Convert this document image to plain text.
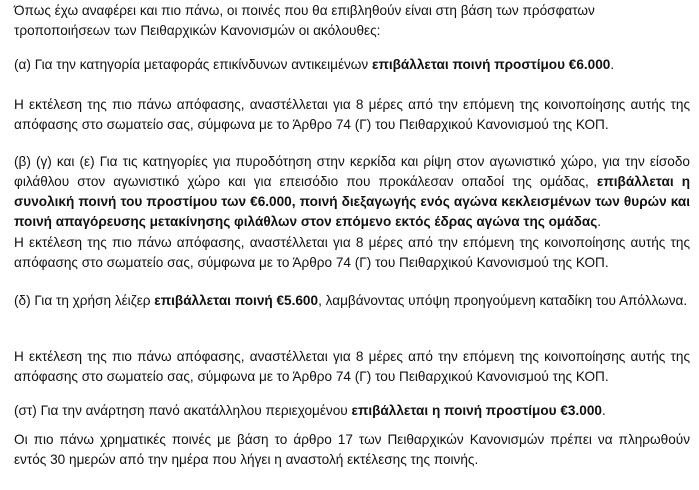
Όπως έχω αναφέρει και πιο πάνω, οι ποινές που θα επιβληθούν είναι στη βάση των πρόσφατων
τροποποιήσεων των Πειθαρχικών Κανονισμών οι ακόλουθες:

(α) Για την κατηγορία μεταφοράς επικίνδυνων αντικειμένων επιβάλλεται ποινή προστίμου €6.000.

Η εκτέλεση της πιο πάνω απόφασης, αναστέλλεται για 8 μέρες από την επόμενη της κοινοποίησης αυτής της απόφασης στο σωματείο σας, σύμφωνα με το Άρθρο 74 (Γ) του Πειθαρχικού Κανονισμού της ΚΟΠ.

(β) (γ) και (ε) Για τις κατηγορίες για πυροδότηση στην κερκίδα και ρίψη στον αγωνιστικό χώρο, για την είσοδο φιλάθλου στον αγωνιστικό χώρο και για επεισόδιο που προκάλεσαν οπαδοί της ομάδας, επιβάλλεται η συνολική ποινή του προστίμου των €6.000, ποινή διεξαγωγής ενός αγώνα κεκλεισμένων των θυρών και ποινή απαγόρευσης μετακίνησης φιλάθλων στον επόμενο εκτός έδρας αγώνα της ομάδας.

Η εκτέλεση της πιο πάνω απόφασης, αναστέλλεται για 8 μέρες από την επόμενη της κοινοποίησης αυτής της απόφασης στο σωματείο σας, σύμφωνα με το Άρθρο 74 (Γ) του Πειθαρχικού Κανονισμού της ΚΟΠ.

(δ) Για τη χρήση λέιζερ επιβάλλεται ποινή €5.600, λαμβάνοντας υπόψη προηγούμενη καταδίκη του Απόλλωνα.

Η εκτέλεση της πιο πάνω απόφασης, αναστέλλεται για 8 μέρες από την επόμενη της κοινοποίησης αυτής της απόφασης στο σωματείο σας, σύμφωνα με το Άρθρο 74 (Γ) του Πειθαρχικού Κανονισμού της ΚΟΠ.

(στ) Για την ανάρτηση πανό ακατάλληλου περιεχομένου επιβάλλεται η ποινή προστίμου €3.000.

Οι πιο πάνω χρηματικές ποινές με βάση το άρθρο 17 των Πειθαρχικών Κανονισμών πρέπει να πληρωθούν εντός 30 ημερών από την ημέρα που λήγει η αναστολή εκτέλεσης της ποινής.
